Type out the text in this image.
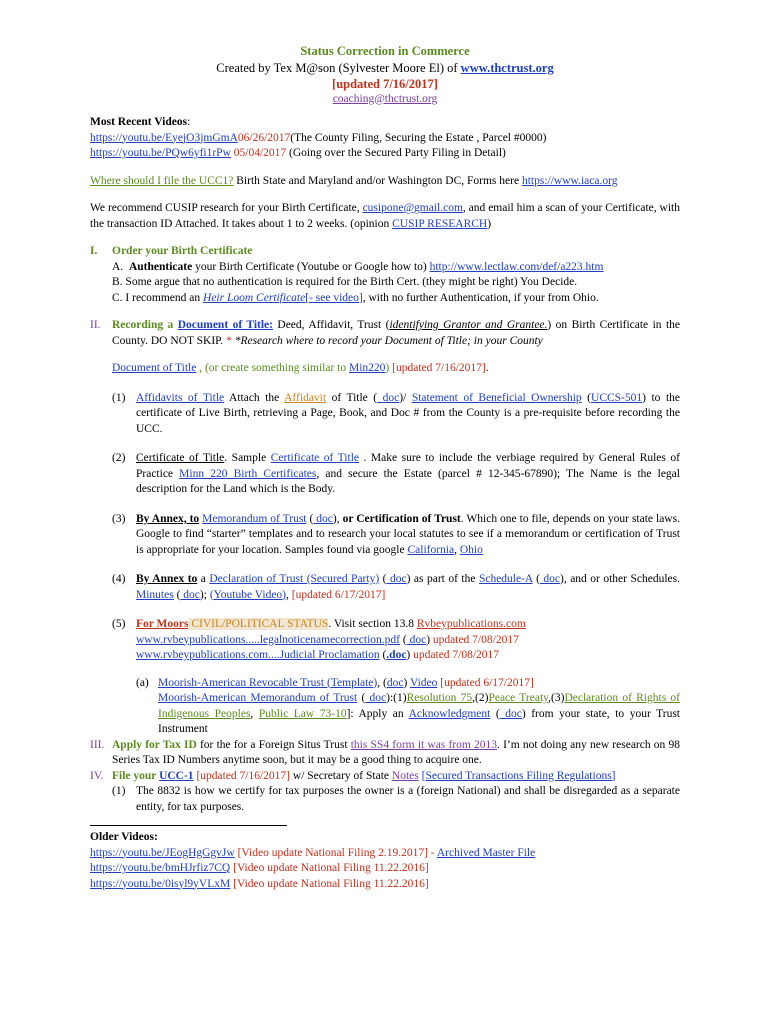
Status Correction in Commerce
Created by Tex M@son (Sylvester Moore El) of www.thctrust.org
[updated 7/16/2017]
coaching@thctrust.org

Most Recent Videos:

https://youtu.be/EyejO3jmGmA06/26/2017(The County Filing, Securing the Estate , Parcel #0000)

https://youtu.be/PQw6yfi1rPw 05/04/2017 (Going over the Secured Party Filing in Detail)

Where should I file the UCC1? Birth State and Maryland and/or Washington DC, Forms here https://www.iaca.org

We recommend CUSIP research for your Birth Certificate, cusipone@gmail.com, and email him a scan of your Certificate, with the transaction ID Attached. It takes about 1 to 2 weeks. (opinion CUSIP RESEARCH)

I.	Order your Birth Certificate

A. Authenticate your Birth Certificate (Youtube or Google how to) http://www.lectlaw.com/def/a223.htm

B. Some argue that no authentication is required for the Birth Cert. (they might be right) You Decide.

C. I recommend an Heir Loom Certificate[- see video], with no further Authentication, if your from Ohio.

II. Recording a Document of Title: Deed, Affidavit, Trust (identifying Grantor and Grantee.) on Birth Certificate in the County. DO NOT SKIP. * *Research where to record your Document of Title; in your County

Document of Title , (or create something similar to Min220) [updated 7/16/2017].

(1) Affidavits of Title Attach the Affidavit of Title ( doc)/ Statement of Beneficial Ownership (UCCS-501) to the certificate of Live Birth, retrieving a Page, Book, and Doc # from the County is a pre-requisite before recording the UCC.
(2) Certificate of Title. Sample Certificate of Title . Make sure to include the verbiage required by General Rules of Practice Minn 220 Birth Certificates, and secure the Estate (parcel # 12-345-67890); The Name is the legal description for the Land which is the Body.
(3) By Annex, to Memorandum of Trust ( doc), or Certification of Trust. Which one to file, depends on your state laws. Google to find “starter” templates and to research your local statutes to see if a memorandum or certification of Trust is appropriate for your location. Samples found via google California, Ohio
(4) By Annex to a Declaration of Trust (Secured Party) ( doc) as part of the Schedule-A ( doc), and or other Schedules. Minutes ( doc); (Youtube Video), [updated 6/17/2017]
(5) For Moors CIVIL/POLITICAL STATUS. Visit section 13.8 Rvbeypublications.com
www.rvbeypublications.....legalnoticenamecorrection.pdf ( doc) updated 7/08/2017
www.rvbeypublications.com....Judicial Proclamation (.doc) updated 7/08/2017
(a) Moorish-American Revocable Trust (Template), (doc) Video [updated 6/17/2017]
Moorish-American Memorandum of Trust ( doc):(1)Resolution 75,(2)Peace Treaty,(3)Declaration of Rights of Indigenous Peoples, Public Law 73-10]: Apply an Acknowledgment ( doc) from your state, to your Trust Instrument
III. Apply for Tax ID for the for a Foreign Situs Trust this SS4 form it was from 2013. I’m not doing any new research on 98 Series Tax ID Numbers anytime soon, but it may be a good thing to acquire one.
IV. File your UCC-1 [updated 7/16/2017] w/ Secretary of State Notes [Secured Transactions Filing Regulations]
(1) The 8832 is how we certify for tax purposes the owner is a (foreign National) and shall be disregarded as a separate entity, for tax purposes.

Older Videos:

https://youtu.be/JEogHgGgvJw [Video update National Filing 2.19.2017] - Archived Master File

https://youtu.be/bmHJrfiz7CQ [Video update National Filing 11.22.2016]

https://youtu.be/0isyl9yVLxM [Video update National Filing 11.22.2016]
